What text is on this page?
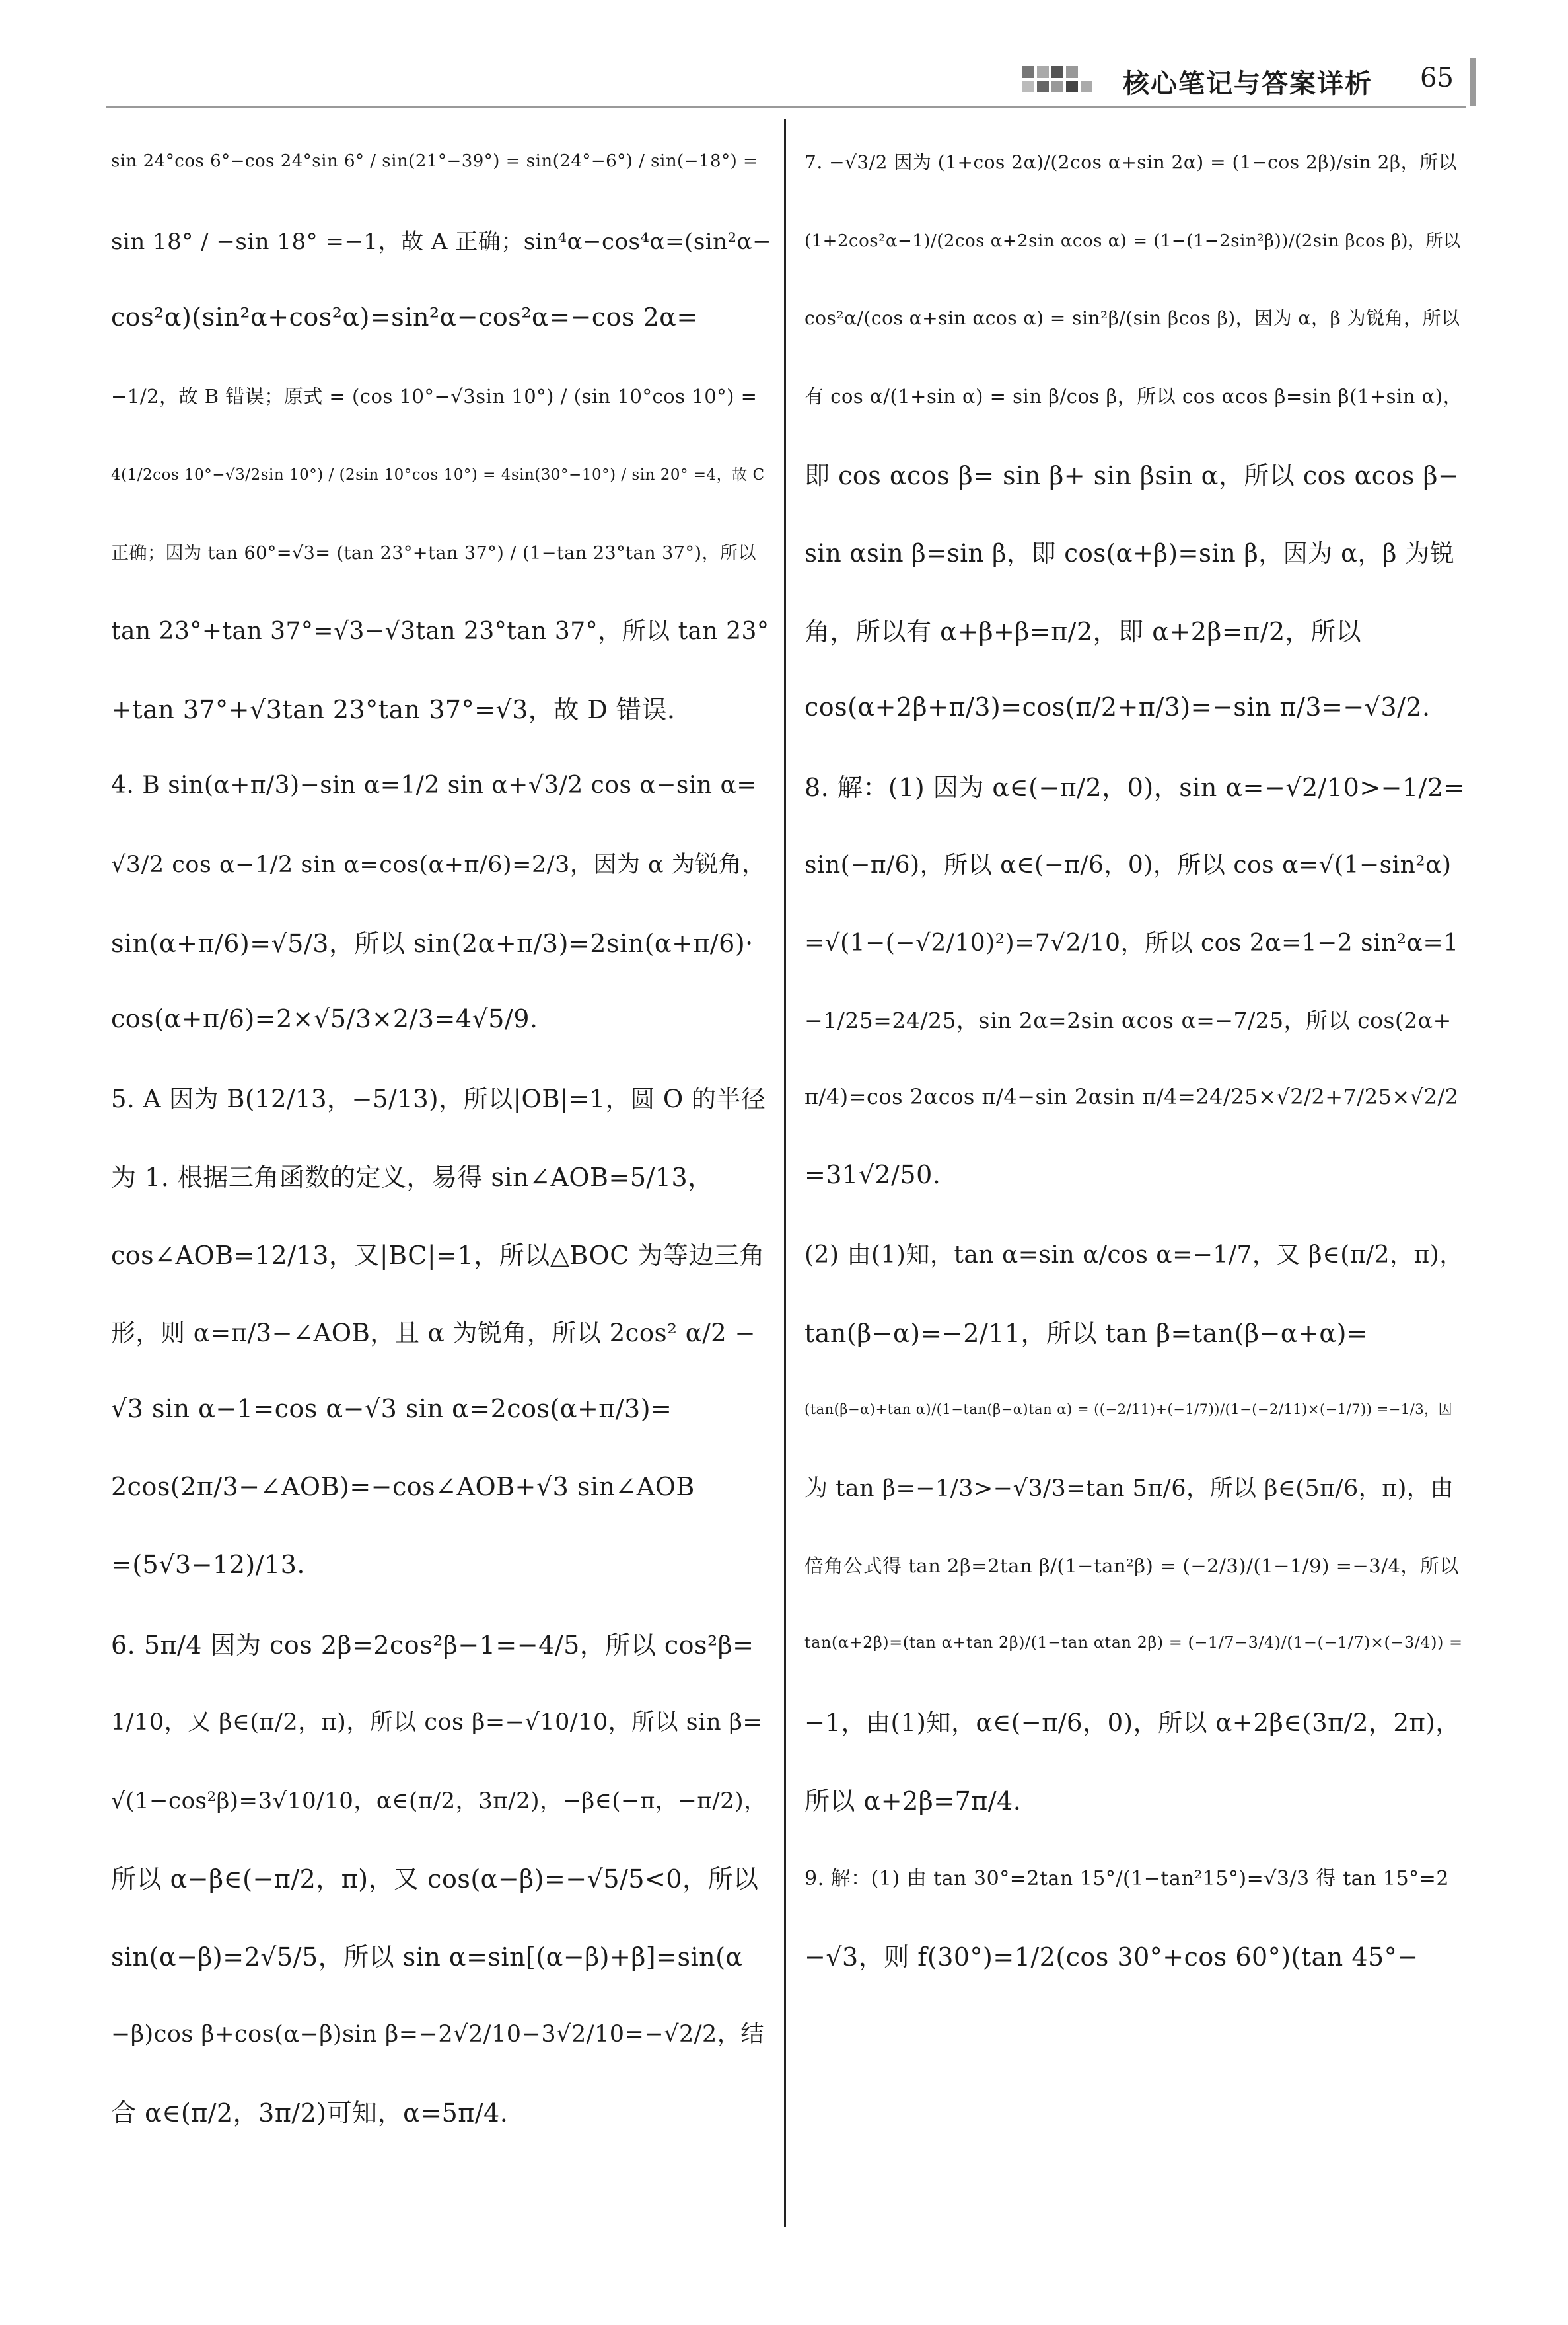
核心笔记与答案详析 65
sin 24°cos 6°−cos 24°sin 6° / sin(21°−39°) = sin(24°−6°) / sin(−18°) =
sin 18° / −sin 18° =−1，故 A 正确；sin⁴α−cos⁴α=(sin²α−
cos²α)(sin²α+cos²α)=sin²α−cos²α=−cos 2α=
−1/2，故 B 错误；原式 = (cos 10°−√3sin 10°) / (sin 10°cos 10°) =
4(1/2cos 10°−√3/2sin 10°) / (2sin 10°cos 10°) = 4sin(30°−10°) / sin 20° =4，故 C
正确；因为 tan 60°=√3= (tan 23°+tan 37°) / (1−tan 23°tan 37°)，所以
tan 23°+tan 37°=√3−√3tan 23°tan 37°，所以 tan 23°
+tan 37°+√3tan 23°tan 37°=√3，故 D 错误.
4. B sin(α+π/3)−sin α=1/2 sin α+√3/2 cos α−sin α=
√3/2 cos α−1/2 sin α=cos(α+π/6)=2/3，因为 α 为锐角，
sin(α+π/6)=√5/3，所以 sin(2α+π/3)=2sin(α+π/6)·
cos(α+π/6)=2×√5/3×2/3=4√5/9.
5. A 因为 B(12/13，−5/13)，所以|OB|=1，圆 O 的半径
为 1. 根据三角函数的定义，易得 sin∠AOB=5/13，
cos∠AOB=12/13，又|BC|=1，所以△BOC 为等边三角
形，则 α=π/3−∠AOB，且 α 为锐角，所以 2cos² α/2 −
√3 sin α−1=cos α−√3 sin α=2cos(α+π/3)=
2cos(2π/3−∠AOB)=−cos∠AOB+√3 sin∠AOB
=(5√3−12)/13.
6. 5π/4 因为 cos 2β=2cos²β−1=−4/5，所以 cos²β=
1/10，又 β∈(π/2，π)，所以 cos β=−√10/10，所以 sin β=
√(1−cos²β)=3√10/10，α∈(π/2，3π/2)，−β∈(−π，−π/2)，
所以 α−β∈(−π/2，π)，又 cos(α−β)=−√5/5<0，所以
sin(α−β)=2√5/5，所以 sin α=sin[(α−β)+β]=sin(α
−β)cos β+cos(α−β)sin β=−2√2/10−3√2/10=−√2/2，结
合 α∈(π/2，3π/2)可知，α=5π/4.
7. −√3/2 因为 (1+cos 2α)/(2cos α+sin 2α) = (1−cos 2β)/sin 2β，所以
(1+2cos²α−1)/(2cos α+2sin αcos α) = (1−(1−2sin²β))/(2sin βcos β)，所以
cos²α/(cos α+sin αcos α) = sin²β/(sin βcos β)，因为 α，β 为锐角，所以
有 cos α/(1+sin α) = sin β/cos β，所以 cos αcos β=sin β(1+sin α)，
即 cos αcos β= sin β+ sin βsin α，所以 cos αcos β−
sin αsin β=sin β，即 cos(α+β)=sin β，因为 α，β 为锐
角，所以有 α+β+β=π/2，即 α+2β=π/2，所以
cos(α+2β+π/3)=cos(π/2+π/3)=−sin π/3=−√3/2.
8. 解：(1) 因为 α∈(−π/2，0)，sin α=−√2/10>−1/2=
sin(−π/6)，所以 α∈(−π/6，0)，所以 cos α=√(1−sin²α)
=√(1−(−√2/10)²)=7√2/10，所以 cos 2α=1−2 sin²α=1
−1/25=24/25，sin 2α=2sin αcos α=−7/25，所以 cos(2α+
π/4)=cos 2αcos π/4−sin 2αsin π/4=24/25×√2/2+7/25×√2/2
=31√2/50.
(2) 由(1)知，tan α=sin α/cos α=−1/7，又 β∈(π/2，π)，
tan(β−α)=−2/11，所以 tan β=tan(β−α+α)=
(tan(β−α)+tan α)/(1−tan(β−α)tan α) = ((−2/11)+(−1/7))/(1−(−2/11)×(−1/7)) =−1/3，因
为 tan β=−1/3>−√3/3=tan 5π/6，所以 β∈(5π/6，π)，由
倍角公式得 tan 2β=2tan β/(1−tan²β) = (−2/3)/(1−1/9) =−3/4，所以
tan(α+2β)=(tan α+tan 2β)/(1−tan αtan 2β) = (−1/7−3/4)/(1−(−1/7)×(−3/4)) =
−1，由(1)知，α∈(−π/6，0)，所以 α+2β∈(3π/2，2π)，
所以 α+2β=7π/4.
9. 解：(1) 由 tan 30°=2tan 15°/(1−tan²15°)=√3/3 得 tan 15°=2
−√3，则 f(30°)=1/2(cos 30°+cos 60°)(tan 45°−
